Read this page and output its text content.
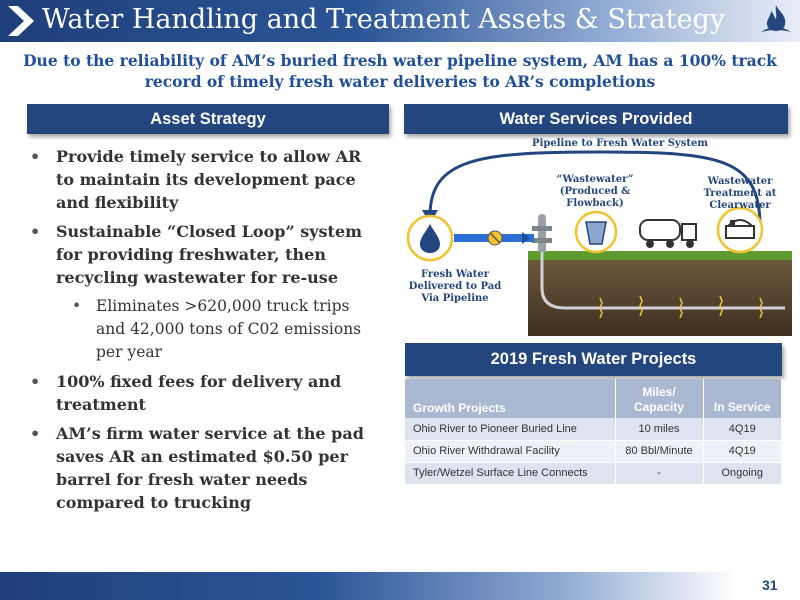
Water Handling and Treatment Assets & Strategy
Due to the reliability of AM’s buried fresh water pipeline system, AM has a 100% track record of timely fresh water deliveries to AR’s completions
Asset Strategy	Water Services Provided
• Provide timely service to allow AR to maintain its development pace and flexibility
• Sustainable “Closed Loop” system for providing freshwater, then recycling wastewater for re-use
• Eliminates >620,000 truck trips and 42,000 tons of C02 emissions per year
• 100% fixed fees for delivery and treatment
• AM’s firm water service at the pad saves AR an estimated $0.50 per barrel for fresh water needs compared to trucking
Pipeline to Fresh Water System
“Wastewater” (Produced & Flowback)
Wastewater Treatment at Clearwater
Fresh Water Delivered to Pad Via Pipeline
2019 Fresh Water Projects
Growth Projects	Miles/ Capacity	In Service
Ohio River to Pioneer Buried Line	10 miles	4Q19
Ohio River Withdrawal Facility	80 Bbl/Minute	4Q19
Tyler/Wetzel Surface Line Connects	-	Ongoing
31
